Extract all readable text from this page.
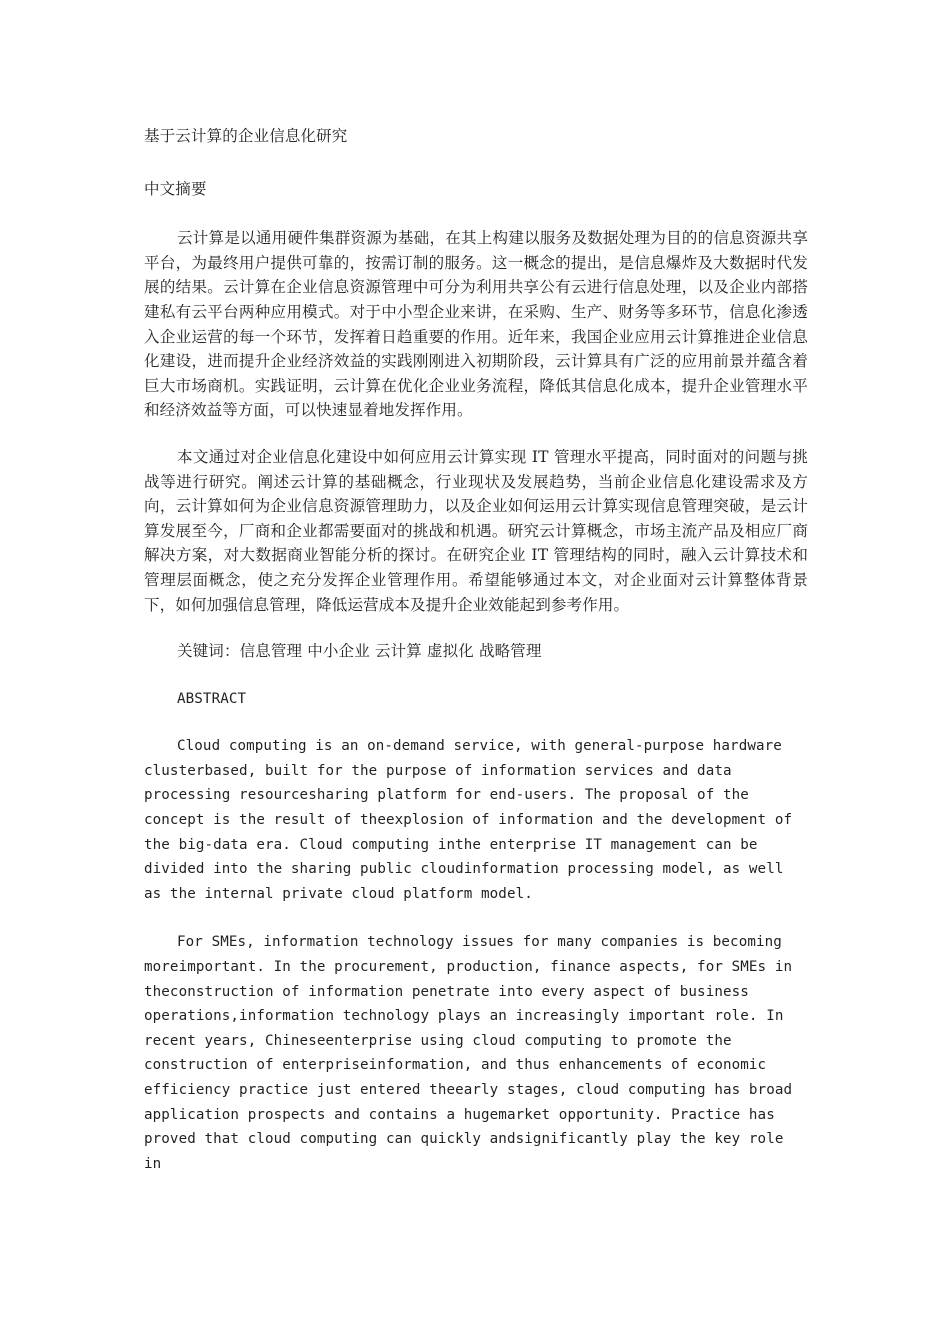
基于云计算的企业信息化研究

中文摘要

云计算是以通用硬件集群资源为基础，在其上构建以服务及数据处理为目的的信息资源共享平台，为最终用户提供可靠的，按需订制的服务。这一概念的提出，是信息爆炸及大数据时代发展的结果。云计算在企业信息资源管理中可分为利用共享公有云进行信息处理，以及企业内部搭建私有云平台两种应用模式。对于中小型企业来讲，在采购、生产、财务等多环节，信息化渗透入企业运营的每一个环节，发挥着日趋重要的作用。近年来，我国企业应用云计算推进企业信息化建设，进而提升企业经济效益的实践刚刚进入初期阶段，云计算具有广泛的应用前景并蕴含着巨大市场商机。实践证明，云计算在优化企业业务流程，降低其信息化成本，提升企业管理水平和经济效益等方面，可以快速显着地发挥作用。

本文通过对企业信息化建设中如何应用云计算实现 IT 管理水平提高，同时面对的问题与挑战等进行研究。阐述云计算的基础概念，行业现状及发展趋势，当前企业信息化建设需求及方向，云计算如何为企业信息资源管理助力，以及企业如何运用云计算实现信息管理突破，是云计算发展至今，厂商和企业都需要面对的挑战和机遇。研究云计算概念，市场主流产品及相应厂商解决方案，对大数据商业智能分析的探讨。在研究企业 IT 管理结构的同时，融入云计算技术和管理层面概念，使之充分发挥企业管理作用。希望能够通过本文，对企业面对云计算整体背景下，如何加强信息管理，降低运营成本及提升企业效能起到参考作用。

关键词：信息管理 中小企业 云计算 虚拟化 战略管理

ABSTRACT

Cloud computing is an on-demand service, with general-purpose hardware clusterbased, built for the purpose of information services and data processing resourcesharing platform for end-users. The proposal of the concept is the result of theexplosion of information and the development of the big-data era. Cloud computing inthe enterprise IT management can be divided into the sharing public cloudinformation processing model, as well as the internal private cloud platform model.

For SMEs, information technology issues for many companies is becoming moreimportant. In the procurement, production, finance aspects, for SMEs in theconstruction of information penetrate into every aspect of business operations,information technology plays an increasingly important role. In recent years, Chineseenterprise using cloud computing to promote the construction of enterpriseinformation, and thus enhancements of economic efficiency practice just entered theearly stages, cloud computing has broad application prospects and contains a hugemarket opportunity. Practice has proved that cloud computing can quickly andsignificantly play the key role in
